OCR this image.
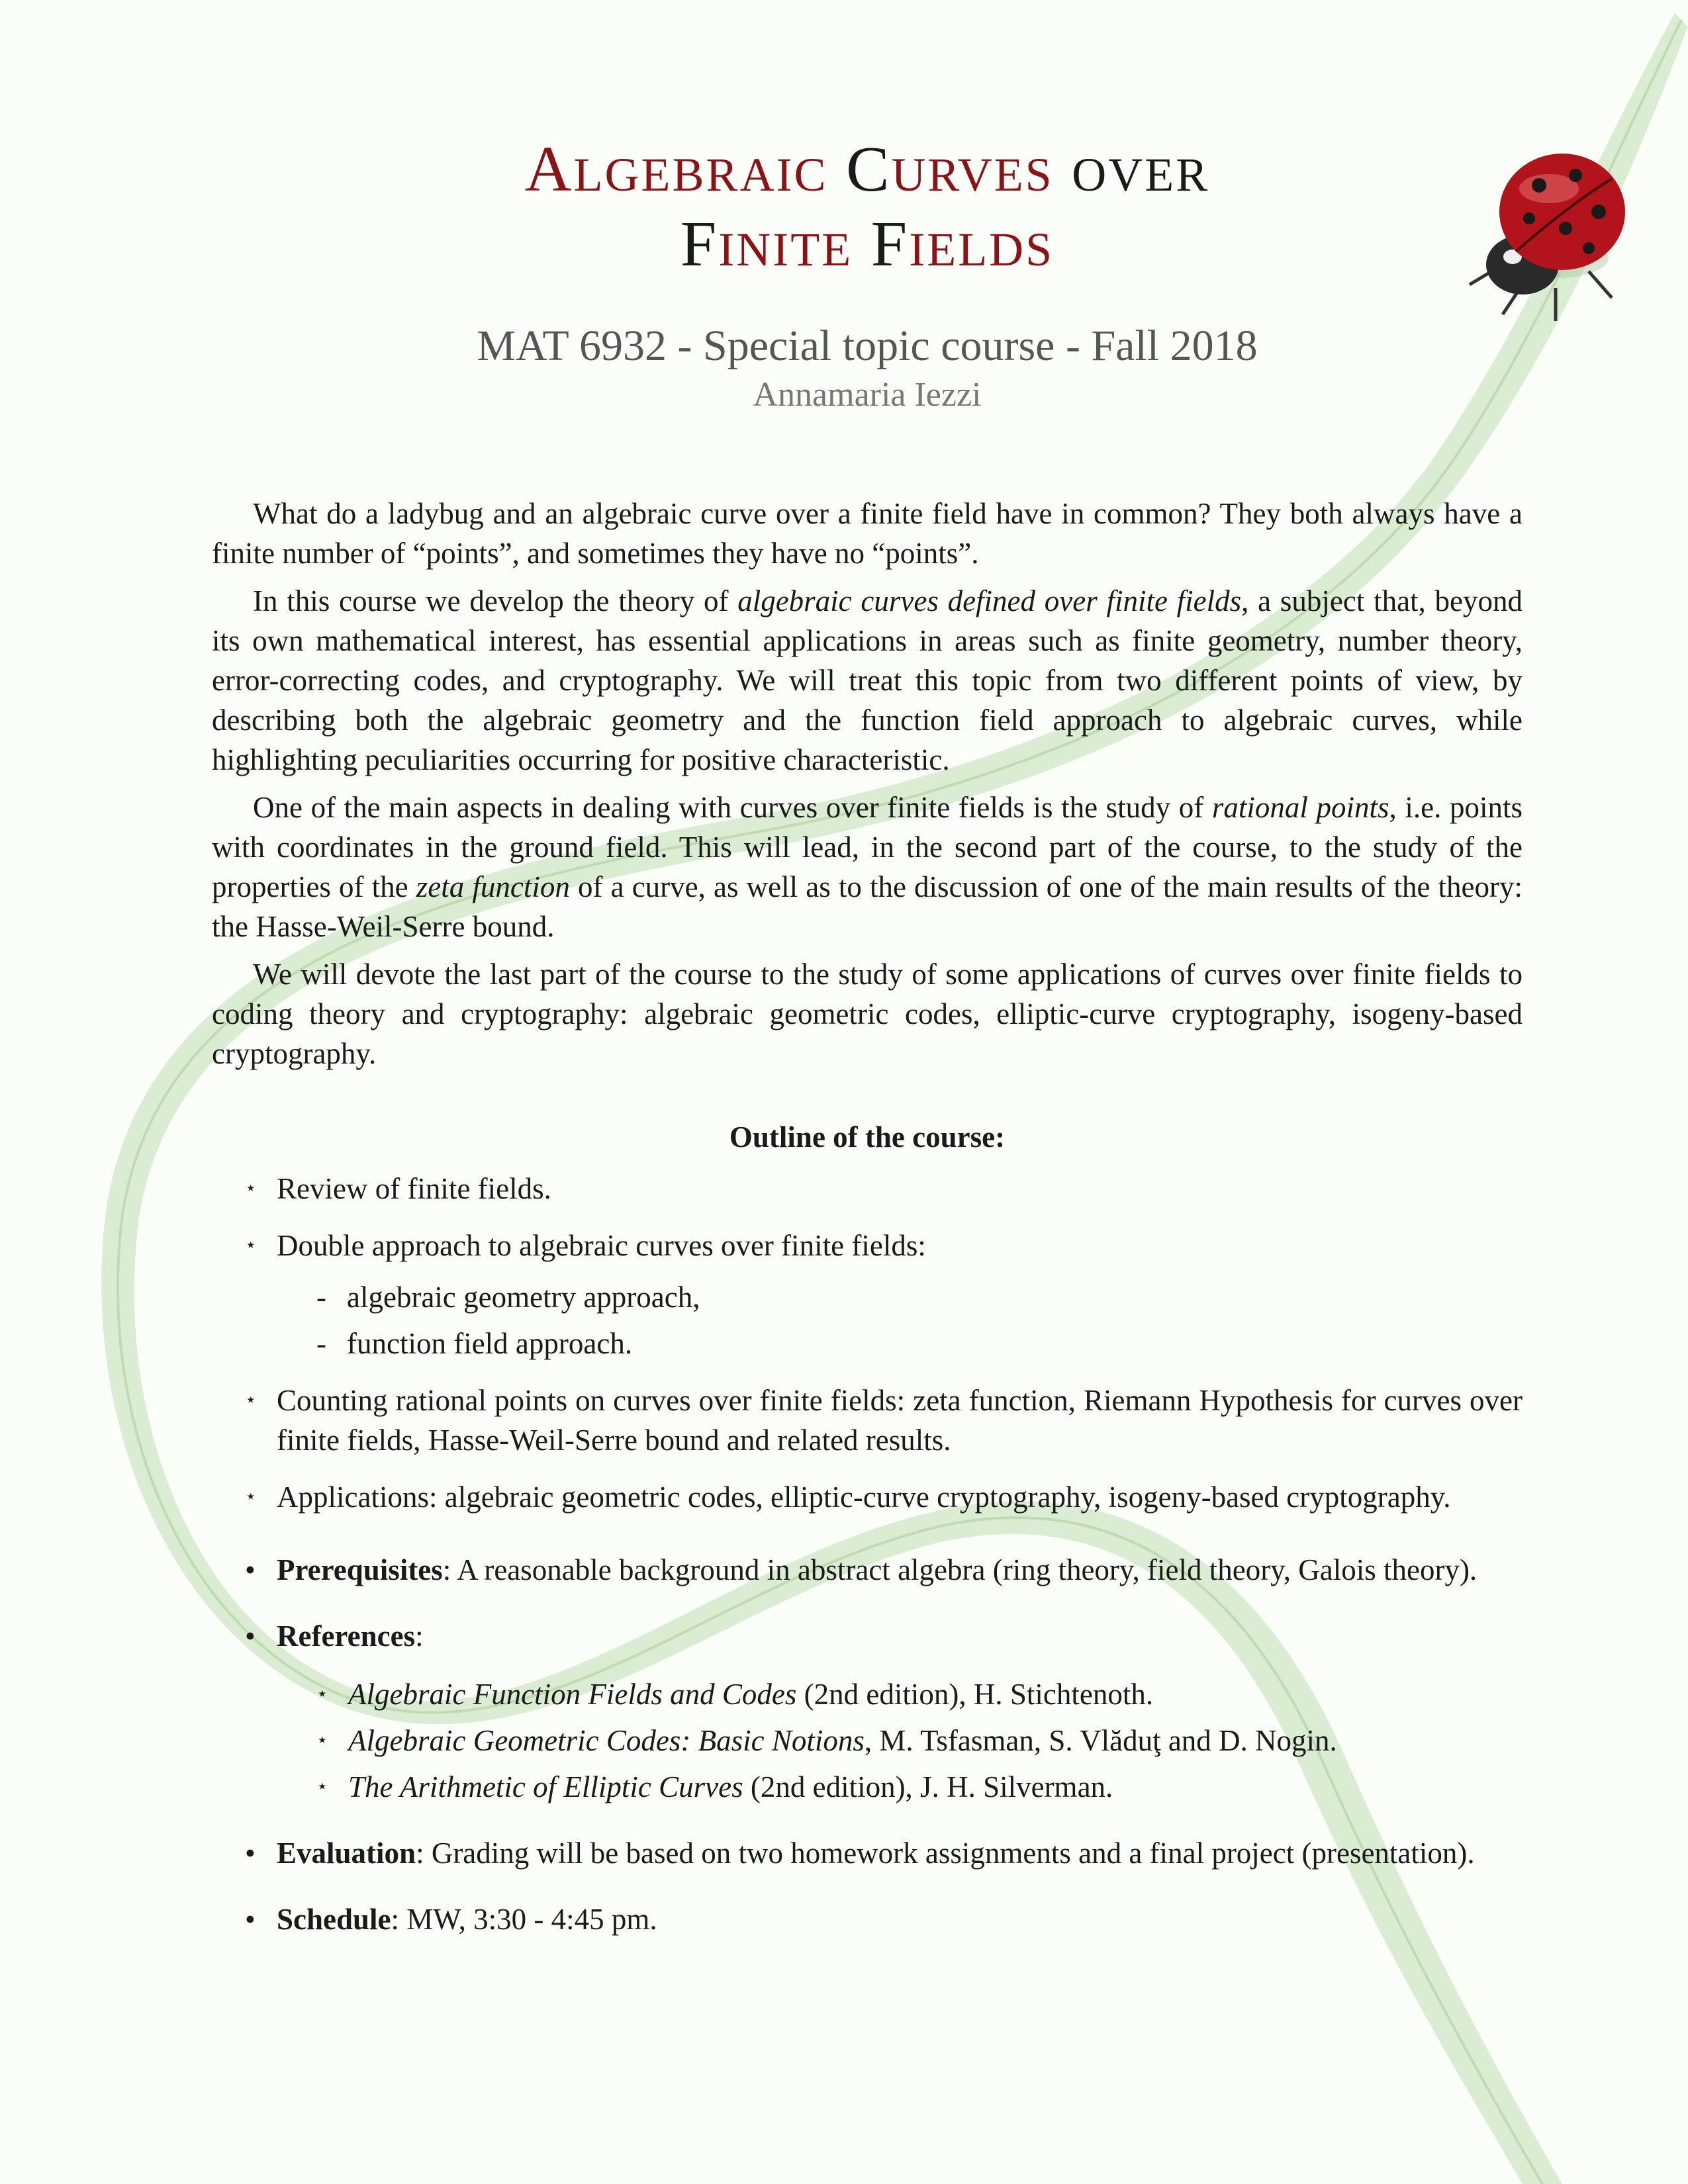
ALGEBRAIC CURVES OVER
FINITE FIELDS
MAT 6932 - Special topic course - Fall 2018
Annamaria Iezzi

What do a ladybug and an algebraic curve over a finite field have in common? They both always have a finite number of “points”, and sometimes they have no “points”.

In this course we develop the theory of algebraic curves defined over finite fields, a subject that, beyond its own mathematical interest, has essential applications in areas such as finite geometry, number theory, error-correcting codes, and cryptography. We will treat this topic from two different points of view, by describing both the algebraic geometry and the function field approach to algebraic curves, while highlighting peculiarities occurring for positive characteristic.

One of the main aspects in dealing with curves over finite fields is the study of rational points, i.e. points with coordinates in the ground field. This will lead, in the second part of the course, to the study of the properties of the zeta function of a curve, as well as to the discussion of one of the main results of the theory: the Hasse-Weil-Serre bound.

We will devote the last part of the course to the study of some applications of curves over finite fields to coding theory and cryptography: algebraic geometric codes, elliptic-curve cryptography, isogeny-based cryptography.

Outline of the course:
⋆ Review of finite fields.
⋆ Double approach to algebraic curves over finite fields:
- algebraic geometry approach,
- function field approach.
⋆ Counting rational points on curves over finite fields: zeta function, Riemann Hypothesis for curves over finite fields, Hasse-Weil-Serre bound and related results.
⋆ Applications: algebraic geometric codes, elliptic-curve cryptography, isogeny-based cryptography.
• Prerequisites: A reasonable background in abstract algebra (ring theory, field theory, Galois theory).
• References:
⋆ Algebraic Function Fields and Codes (2nd edition), H. Stichtenoth.
⋆ Algebraic Geometric Codes: Basic Notions, M. Tsfasman, S. Vlăduţ and D. Nogin.
⋆ The Arithmetic of Elliptic Curves (2nd edition), J. H. Silverman.
• Evaluation: Grading will be based on two homework assignments and a final project (presentation).
• Schedule: MW, 3:30 - 4:45 pm.
